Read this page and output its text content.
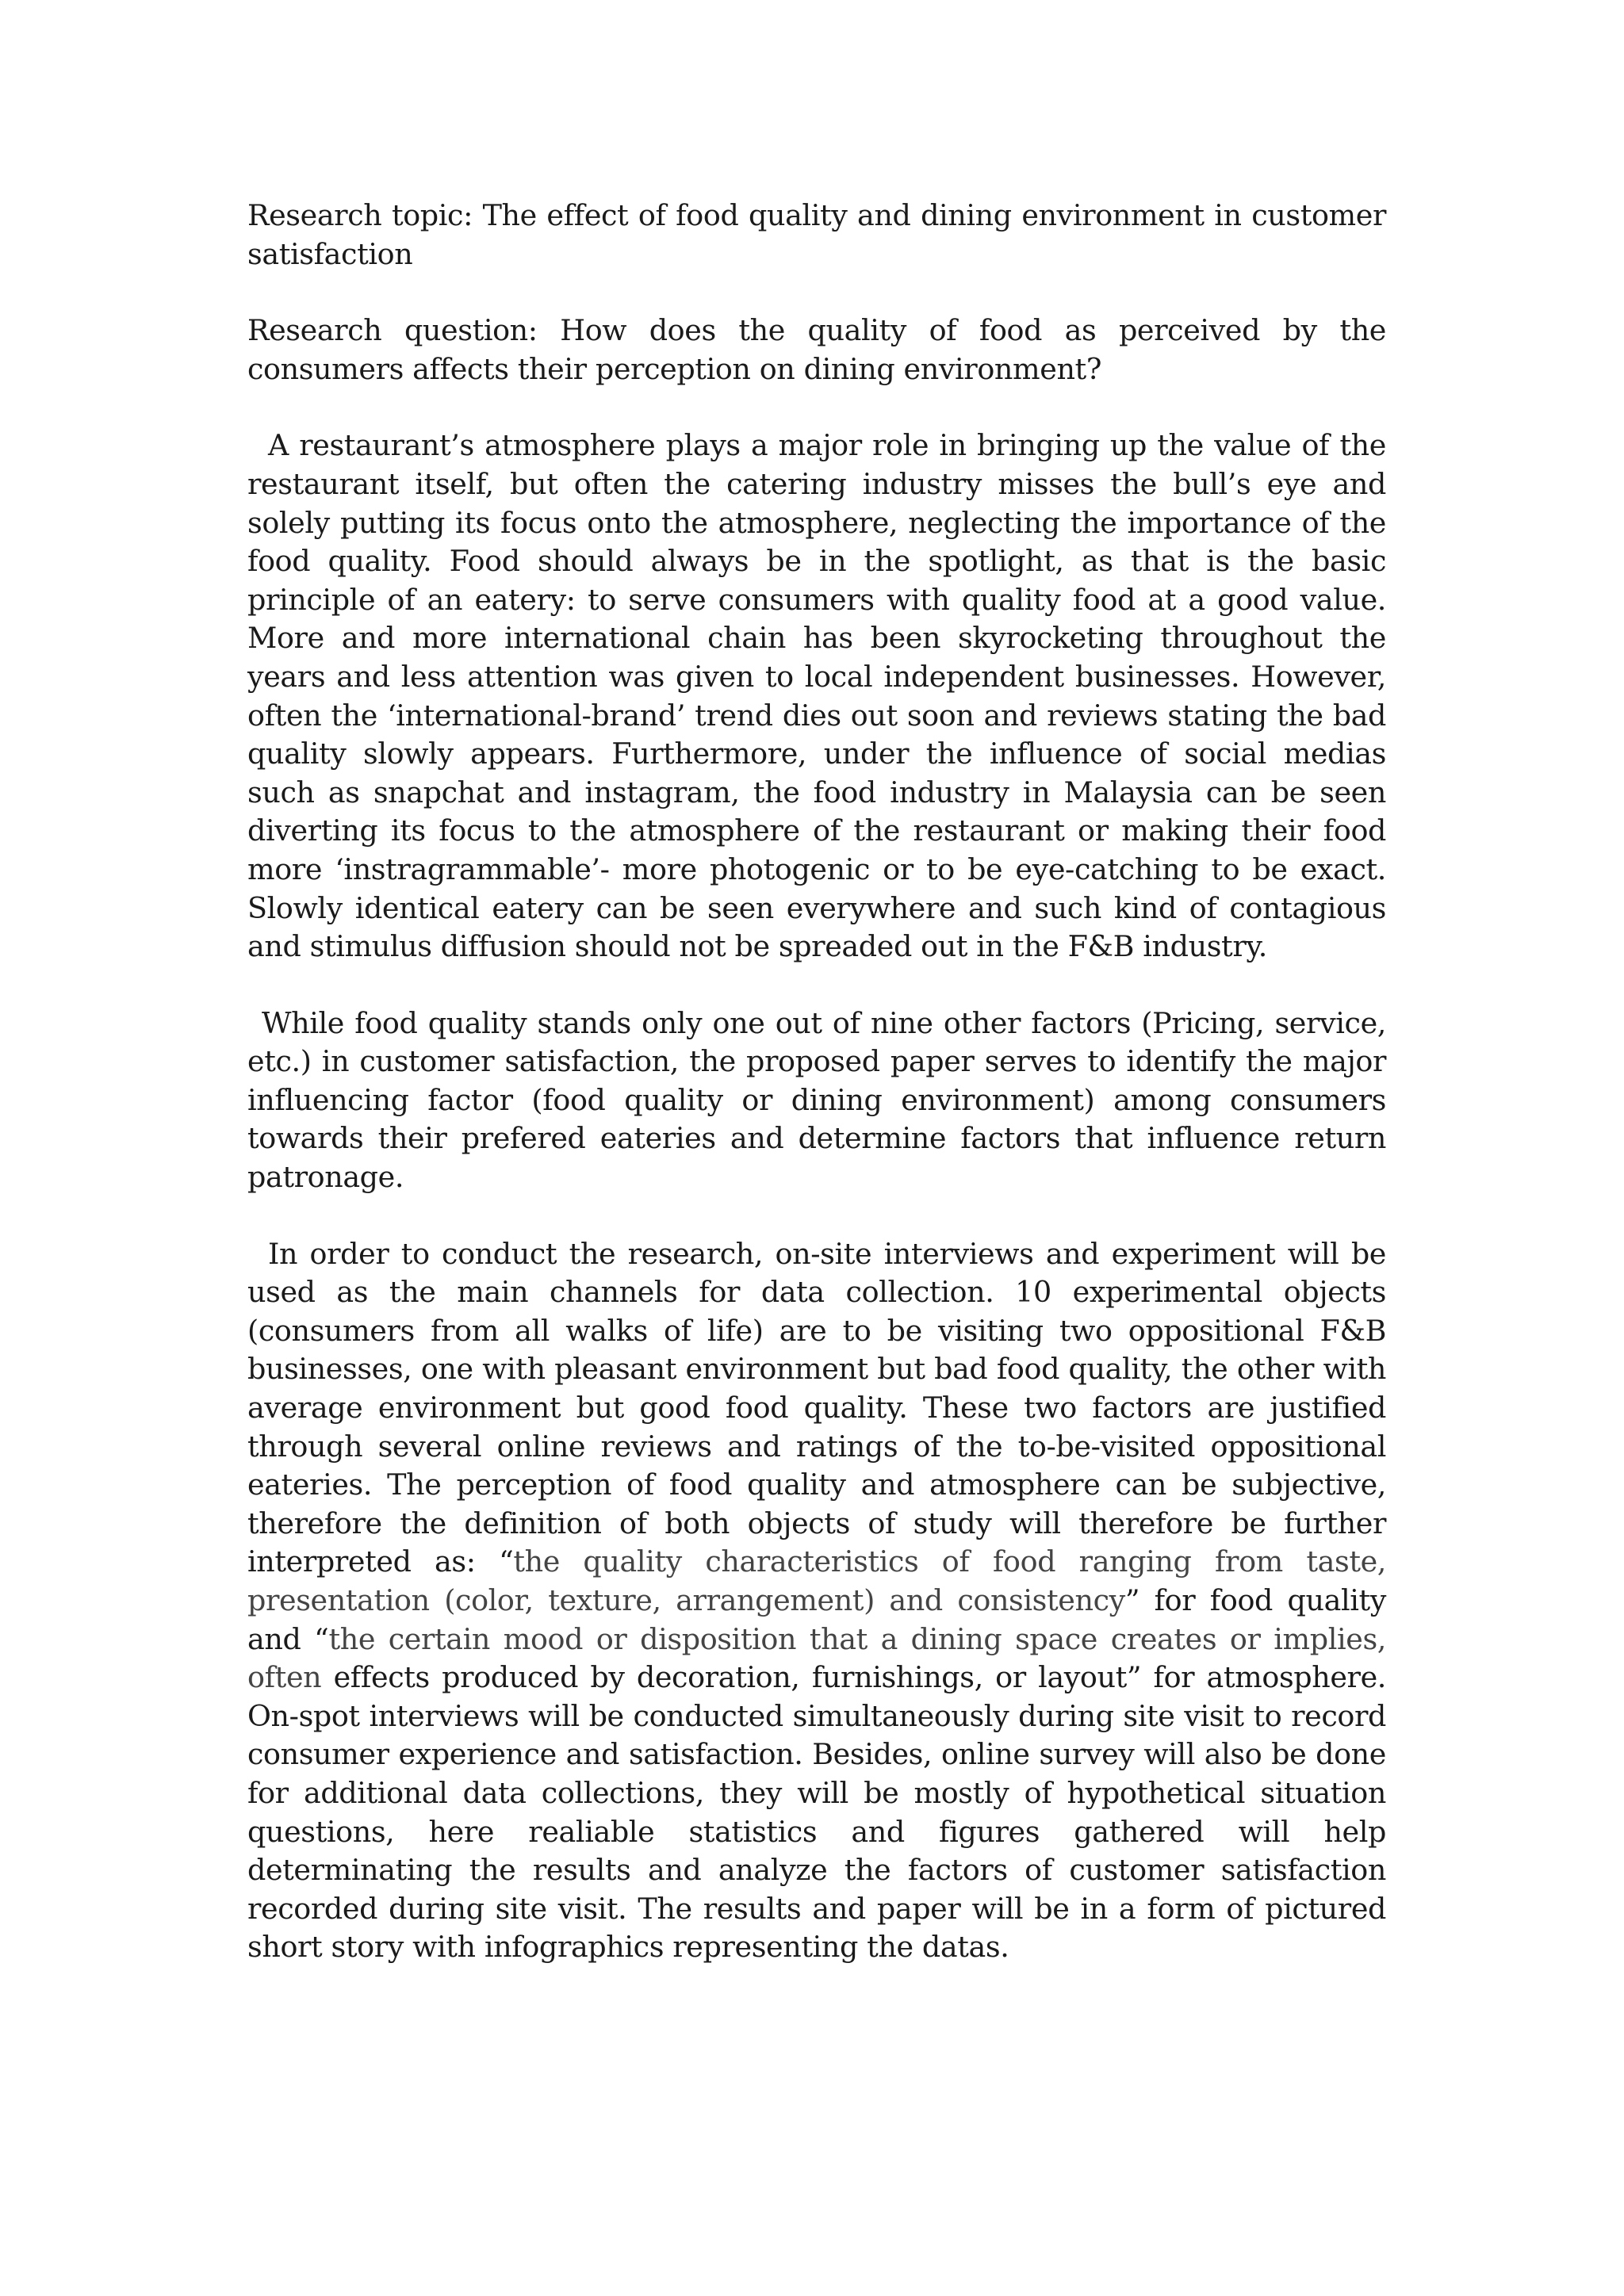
Research topic: The effect of food quality and dining environment in customer satisfaction

Research question: How does the quality of food as perceived by the consumers affects their perception on dining environment?

A restaurant’s atmosphere plays a major role in bringing up the value of the restaurant itself, but often the catering industry misses the bull’s eye and solely putting its focus onto the atmosphere, neglecting the importance of the food quality. Food should always be in the spotlight, as that is the basic principle of an eatery: to serve consumers with quality food at a good value. More and more international chain has been skyrocketing throughout the years and less attention was given to local independent businesses. However, often the ‘international-brand’ trend dies out soon and reviews stating the bad quality slowly appears. Furthermore, under the influence of social medias such as snapchat and instagram, the food industry in Malaysia can be seen diverting its focus to the atmosphere of the restaurant or making their food more ‘instragrammable’- more photogenic or to be eye-catching to be exact. Slowly identical eatery can be seen everywhere and such kind of contagious and stimulus diffusion should not be spreaded out in the F&B industry.

While food quality stands only one out of nine other factors (Pricing, service, etc.) in customer satisfaction, the proposed paper serves to identify the major influencing factor (food quality or dining environment) among consumers towards their prefered eateries and determine factors that influence return patronage.

In order to conduct the research, on-site interviews and experiment will be used as the main channels for data collection. 10 experimental objects (consumers from all walks of life) are to be visiting two oppositional F&B businesses, one with pleasant environment but bad food quality, the other with average environment but good food quality. These two factors are justified through several online reviews and ratings of the to-be-visited oppositional eateries. The perception of food quality and atmosphere can be subjective, therefore the definition of both objects of study will therefore be further interpreted as: “the quality characteristics of food ranging from taste, presentation (color, texture, arrangement) and consistency” for food quality and “the certain mood or disposition that a dining space creates or implies, often effects produced by decoration, furnishings, or layout” for atmosphere. On-spot interviews will be conducted simultaneously during site visit to record consumer experience and satisfaction. Besides, online survey will also be done for additional data collections, they will be mostly of hypothetical situation questions, here realiable statistics and figures gathered will help determinating the results and analyze the factors of customer satisfaction recorded during site visit. The results and paper will be in a form of pictured short story with infographics representing the datas.
